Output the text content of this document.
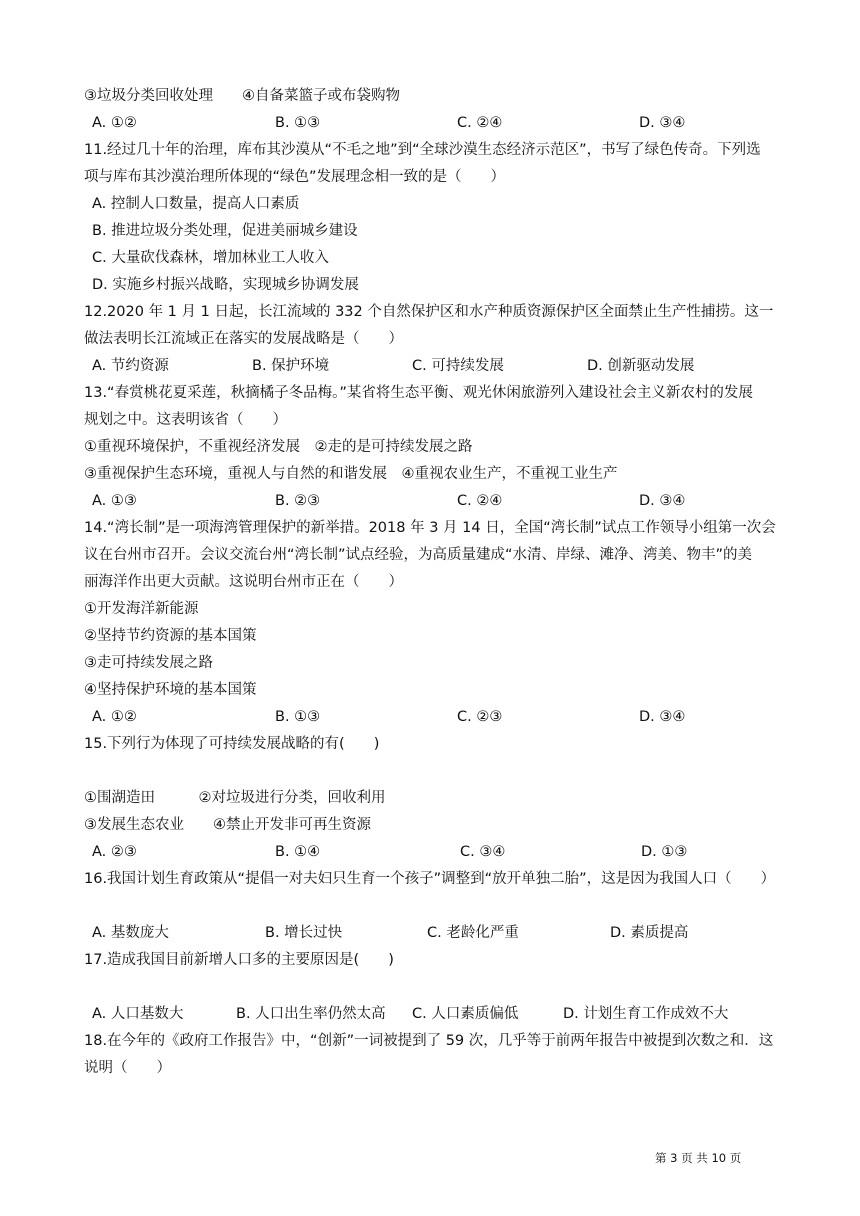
③垃圾分类回收处理　　④自备菜篮子或布袋购物
A. ①②	B. ①③	C. ②④	D. ③④
11.经过几十年的治理，库布其沙漠从“不毛之地”到“全球沙漠生态经济示范区”，书写了绿色传奇。下列选
项与库布其沙漠治理所体现的“绿色”发展理念相一致的是（　　）
A. 控制人口数量，提高人口素质
B. 推进垃圾分类处理，促进美丽城乡建设
C. 大量砍伐森林，增加林业工人收入
D. 实施乡村振兴战略，实现城乡协调发展
12.2020 年 1 月 1 日起，长江流域的 332 个自然保护区和水产种质资源保护区全面禁止生产性捕捞。这一
做法表明长江流域正在落实的发展战略是（　　）
A. 节约资源	B. 保护环境	C. 可持续发展	D. 创新驱动发展
13.“春赏桃花夏采莲，秋摘橘子冬品梅。”某省将生态平衡、观光休闲旅游列入建设社会主义新农村的发展
规划之中。这表明该省（　　）
①重视环境保护，不重视经济发展　②走的是可持续发展之路
③重视保护生态环境，重视人与自然的和谐发展　④重视农业生产，不重视工业生产
A. ①③	B. ②③	C. ②④	D. ③④
14.“湾长制”是一项海湾管理保护的新举措。2018 年 3 月 14 日，全国“湾长制”试点工作领导小组第一次会
议在台州市召开。会议交流台州“湾长制”试点经验，为高质量建成“水清、岸绿、滩净、湾美、物丰”的美
丽海洋作出更大贡献。这说明台州市正在（　　）
①开发海洋新能源
②坚持节约资源的基本国策
③走可持续发展之路
④坚持保护环境的基本国策
A. ①②	B. ①③	C. ②③	D. ③④
15.下列行为体现了可持续发展战略的有(　　)
①围湖造田　　　②对垃圾进行分类，回收利用
③发展生态农业　　④禁止开发非可再生资源
A. ②③	B. ①④	C. ③④	D. ①③
16.我国计划生育政策从“提倡一对夫妇只生育一个孩子”调整到“放开单独二胎”，这是因为我国人口（　　）
A. 基数庞大	B. 增长过快	C. 老龄化严重	D. 素质提高
17.造成我国目前新增人口多的主要原因是(　　)
A. 人口基数大	B. 人口出生率仍然太高 C. 人口素质偏低	D. 计划生育工作成效不大
18.在今年的《政府工作报告》中，“创新”一词被提到了 59 次，几乎等于前两年报告中被提到次数之和．这
说明（　　）
第 3 页 共 10 页
